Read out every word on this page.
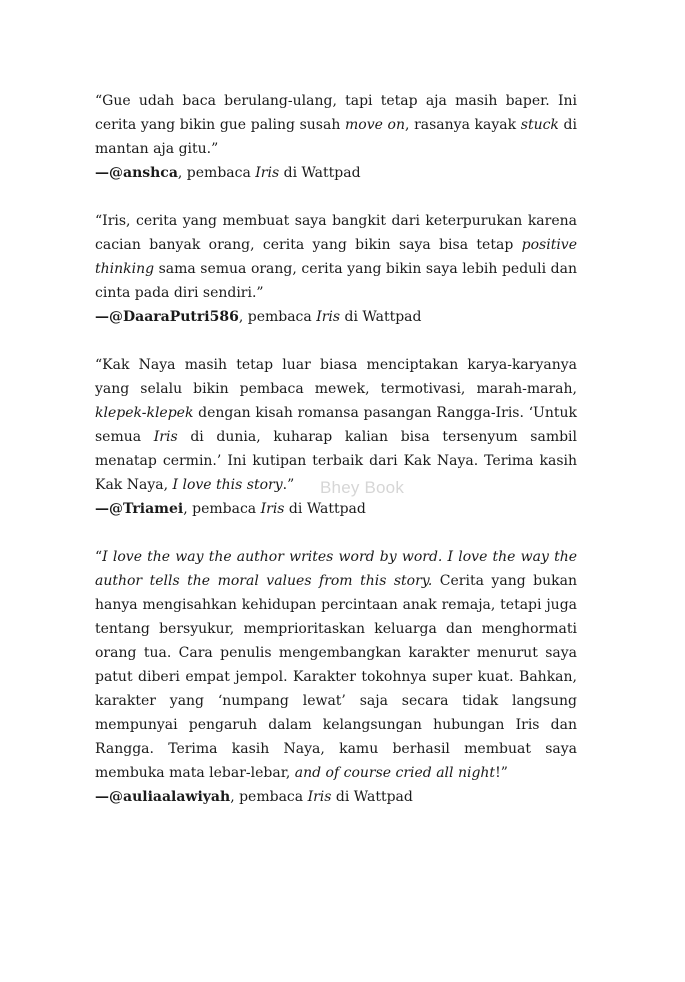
“Gue udah baca berulang-ulang, tapi tetap aja masih baper. Ini cerita yang bikin gue paling susah move on, rasanya kayak stuck di mantan aja gitu.”

—@anshca, pembaca Iris di Wattpad

“Iris, cerita yang membuat saya bangkit dari keterpurukan karena cacian banyak orang, cerita yang bikin saya bisa tetap positive thinking sama semua orang, cerita yang bikin saya lebih peduli dan cinta pada diri sendiri.”

—@DaaraPutri586, pembaca Iris di Wattpad

“Kak Naya masih tetap luar biasa menciptakan karya-karyanya yang selalu bikin pembaca mewek, termotivasi, marah-marah, klepek-klepek dengan kisah romansa pasangan Rangga-Iris. ‘Untuk semua Iris di dunia, kuharap kalian bisa tersenyum sambil menatap cermin.’ Ini kutipan terbaik dari Kak Naya. Terima kasih Kak Naya, I love this story.”

—@Triamei, pembaca Iris di Wattpad

“I love the way the author writes word by word. I love the way the author tells the moral values from this story. Cerita yang bukan hanya mengisahkan kehidupan percintaan anak remaja, tetapi juga tentang bersyukur, memprioritaskan keluarga dan menghormati orang tua. Cara penulis mengembangkan karakter menurut saya patut diberi empat jempol. Karakter tokohnya super kuat. Bahkan, karakter yang ‘numpang lewat’ saja secara tidak langsung mempunyai pengaruh dalam kelangsungan hubungan Iris dan Rangga. Terima kasih Naya, kamu berhasil membuat saya membuka mata lebar-lebar, and of course cried all night!”

—@auliaalawiyah, pembaca Iris di Wattpad

Bhey Book
